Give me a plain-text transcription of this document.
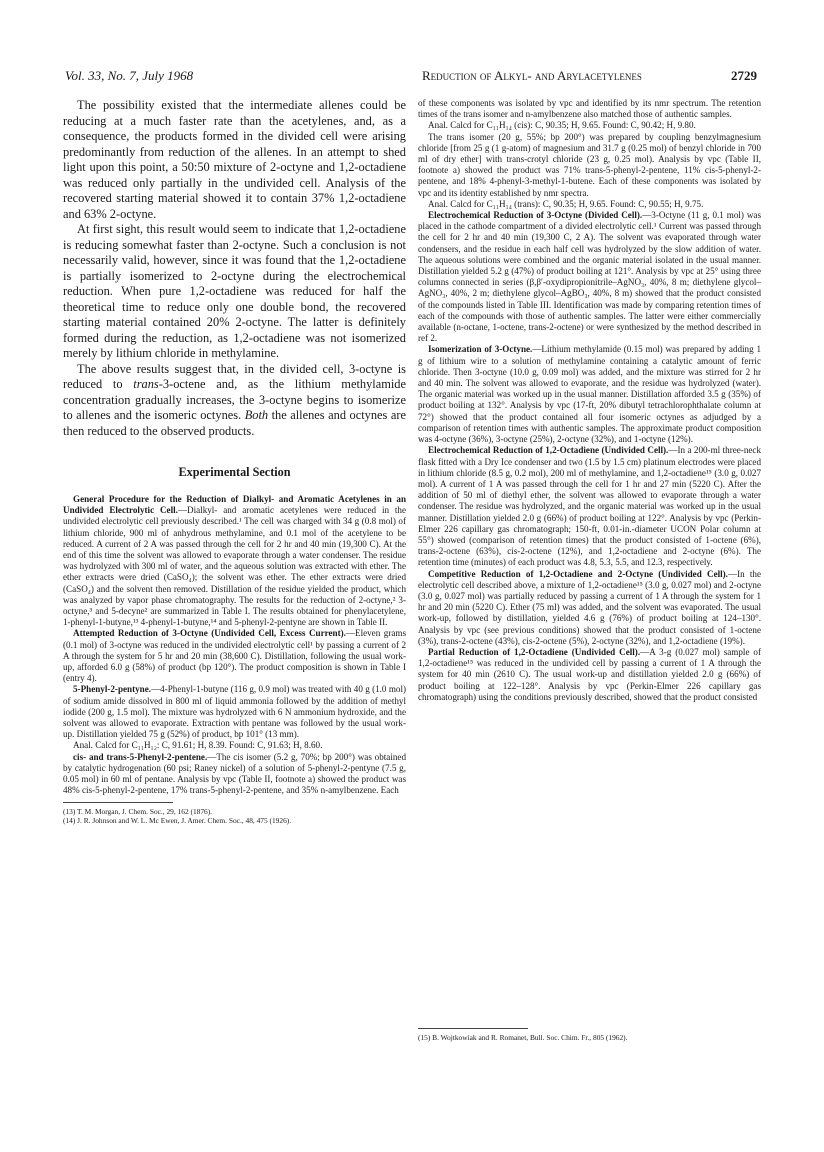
Vol. 33, No. 7, July 1968	Reduction of Alkyl- and Arylacetylenes	2729

The possibility existed that the intermediate allenes could be reducing at a much faster rate than the acetylenes, and, as a consequence, the products formed in the divided cell were arising predominantly from reduction of the allenes. In an attempt to shed light upon this point, a 50:50 mixture of 2-octyne and 1,2-octadiene was reduced only partially in the undivided cell. Analysis of the recovered starting material showed it to contain 37% 1,2-octadiene and 63% 2-octyne.

At first sight, this result would seem to indicate that 1,2-octadiene is reducing somewhat faster than 2-octyne. Such a conclusion is not necessarily valid, however, since it was found that the 1,2-octadiene is partially isomerized to 2-octyne during the electrochemical reduction. When pure 1,2-octadiene was reduced for half the theoretical time to reduce only one double bond, the recovered starting material contained 20% 2-octyne. The latter is definitely formed during the reduction, as 1,2-octadiene was not isomerized merely by lithium chloride in methylamine.

The above results suggest that, in the divided cell, 3-octyne is reduced to trans-3-octene and, as the lithium methylamide concentration gradually increases, the 3-octyne begins to isomerize to allenes and the isomeric octynes. Both the allenes and octynes are then reduced to the observed products.

Experimental Section

General Procedure for the Reduction of Dialkyl- and Aromatic Acetylenes in an Undivided Electrolytic Cell.—Dialkyl- and aromatic acetylenes were reduced in the undivided electrolytic cell previously described.¹ The cell was charged with 34 g (0.8 mol) of lithium chloride, 900 ml of anhydrous methylamine, and 0.1 mol of the acetylene to be reduced. A current of 2 A was passed through the cell for 2 hr and 40 min (19,300 C). At the end of this time the solvent was allowed to evaporate through a water condenser. The residue was hydrolyzed with 300 ml of water, and the aqueous solution was extracted with ether. The ether extracts were dried (CaSO₄); the solvent was ether. The ether extracts were dried (CaSO₄) and the solvent then removed. Distillation of the residue yielded the product, which was analyzed by vapor phase chromatography. The results for the reduction of 2-octyne,² 3-octyne,³ and 5-decyne² are summarized in Table I. The results obtained for phenylacetylene, 1-phenyl-1-butyne,¹³ 4-phenyl-1-butyne,¹⁴ and 5-phenyl-2-pentyne are shown in Table II.

Attempted Reduction of 3-Octyne (Undivided Cell, Excess Current).—Eleven grams (0.1 mol) of 3-octyne was reduced in the undivided electrolytic cell¹ by passing a current of 2 A through the system for 5 hr and 20 min (38,600 C). Distillation, following the usual work-up, afforded 6.0 g (58%) of product (bp 120°). The product composition is shown in Table I (entry 4).

5-Phenyl-2-pentyne.—4-Phenyl-1-butyne (116 g, 0.9 mol) was treated with 40 g (1.0 mol) of sodium amide dissolved in 800 ml of liquid ammonia followed by the addition of methyl iodide (200 g, 1.5 mol). The mixture was hydrolyzed with 6 N ammonium hydroxide, and the solvent was allowed to evaporate. Extraction with pentane was followed by the usual work-up. Distillation yielded 75 g (52%) of product, bp 101° (13 mm).

Anal. Calcd for C₁₁H₁₂: C, 91.61; H, 8.39. Found: C, 91.63; H, 8.60.

cis- and trans-5-Phenyl-2-pentene.—The cis isomer (5.2 g, 70%; bp 200°) was obtained by catalytic hydrogenation (60 psi; Raney nickel) of a solution of 5-phenyl-2-pentyne (7.5 g, 0.05 mol) in 60 ml of pentane. Analysis by vpc (Table II, footnote a) showed the product was 48% cis-5-phenyl-2-pentene, 17% trans-5-phenyl-2-pentene, and 35% n-amylbenzene. Each

(13) T. M. Morgan, J. Chem. Soc., 29, 162 (1876).

(14) J. R. Johnson and W. L. Mc Ewen, J. Amer. Chem. Soc., 48, 475 (1926).

of these components was isolated by vpc and identified by its nmr spectrum. The retention times of the trans isomer and n-amylbenzene also matched those of authentic samples.

Anal. Calcd for C₁₁H₁₄ (cis): C, 90.35; H, 9.65. Found: C, 90.42; H, 9.80.

The trans isomer (20 g, 55%; bp 200°) was prepared by coupling benzylmagnesium chloride [from 25 g (1 g-atom) of magnesium and 31.7 g (0.25 mol) of benzyl chloride in 700 ml of dry ether] with trans-crotyl chloride (23 g, 0.25 mol). Analysis by vpc (Table II, footnote a) showed the product was 71% trans-5-phenyl-2-pentene, 11% cis-5-phenyl-2-pentene, and 18% 4-phenyl-3-methyl-1-butene. Each of these components was isolated by vpc and its identity established by nmr spectra.

Anal. Calcd for C₁₁H₁₄ (trans): C, 90.35; H, 9.65. Found: C, 90.55; H, 9.75.

Electrochemical Reduction of 3-Octyne (Divided Cell).—3-Octyne (11 g, 0.1 mol) was placed in the cathode compartment of a divided electrolytic cell.¹ Current was passed through the cell for 2 hr and 40 min (19,300 C, 2 A). The solvent was evaporated through water condensers, and the residue in each half cell was hydrolyzed by the slow addition of water. The aqueous solutions were combined and the organic material isolated in the usual manner. Distillation yielded 5.2 g (47%) of product boiling at 121°. Analysis by vpc at 25° using three columns connected in series (β,β′-oxydipropionitrile–AgNO₃, 40%, 8 m; diethylene glycol–AgNO₃, 40%, 2 m; diethylene glycol–AgBO₃, 40%, 8 m) showed that the product consisted of the compounds listed in Table III. Identification was made by comparing retention times of each of the compounds with those of authentic samples. The latter were either commercially available (n-octane, 1-octene, trans-2-octene) or were synthesized by the method described in ref 2.

Isomerization of 3-Octyne.—Lithium methylamide (0.15 mol) was prepared by adding 1 g of lithium wire to a solution of methylamine containing a catalytic amount of ferric chloride. Then 3-octyne (10.0 g, 0.09 mol) was added, and the mixture was stirred for 2 hr and 40 min. The solvent was allowed to evaporate, and the residue was hydrolyzed (water). The organic material was worked up in the usual manner. Distillation afforded 3.5 g (35%) of product boiling at 132°. Analysis by vpc (17-ft, 20% dibutyl tetrachlorophthalate column at 72°) showed that the product contained all four isomeric octynes as adjudged by a comparison of retention times with authentic samples. The approximate product composition was 4-octyne (36%), 3-octyne (25%), 2-octyne (32%), and 1-octyne (12%).

Electrochemical Reduction of 1,2-Octadiene (Undivided Cell).—In a 200-ml three-neck flask fitted with a Dry Ice condenser and two (1.5 by 1.5 cm) platinum electrodes were placed in lithium chloride (8.5 g, 0.2 mol), 200 ml of methylamine, and 1,2-octadiene¹⁵ (3.0 g, 0.027 mol). A current of 1 A was passed through the cell for 1 hr and 27 min (5220 C). After the addition of 50 ml of diethyl ether, the solvent was allowed to evaporate through a water condenser. The residue was hydrolyzed, and the organic material was worked up in the usual manner. Distillation yielded 2.0 g (66%) of product boiling at 122°. Analysis by vpc (Perkin-Elmer 226 capillary gas chromatograph; 150-ft, 0.01-in.-diameter UCON Polar column at 55°) showed (comparison of retention times) that the product consisted of 1-octene (6%), trans-2-octene (63%), cis-2-octene (12%), and 1,2-octadiene and 2-octyne (6%). The retention time (minutes) of each product was 4.8, 5.3, 5.5, and 12.3, respectively.

Competitive Reduction of 1,2-Octadiene and 2-Octyne (Undivided Cell).—In the electrolytic cell described above, a mixture of 1,2-octadiene¹⁵ (3.0 g, 0.027 mol) and 2-octyne (3.0 g, 0.027 mol) was partially reduced by passing a current of 1 A through the system for 1 hr and 20 min (5220 C). Ether (75 ml) was added, and the solvent was evaporated. The usual work-up, followed by distillation, yielded 4.6 g (76%) of product boiling at 124–130°. Analysis by vpc (see previous conditions) showed that the product consisted of 1-octene (3%), trans-2-octene (43%), cis-2-octene (5%), 2-octyne (32%), and 1,2-octadiene (19%).

Partial Reduction of 1,2-Octadiene (Undivided Cell).—A 3-g (0.027 mol) sample of 1,2-octadiene¹⁵ was reduced in the undivided cell by passing a current of 1 A through the system for 40 min (2610 C). The usual work-up and distillation yielded 2.0 g (66%) of product boiling at 122–128°. Analysis by vpc (Perkin-Elmer 226 capillary gas chromatograph) using the conditions previously described, showed that the product consisted

(15) B. Wojtkowiak and R. Romanet, Bull. Soc. Chim. Fr., 805 (1962).
